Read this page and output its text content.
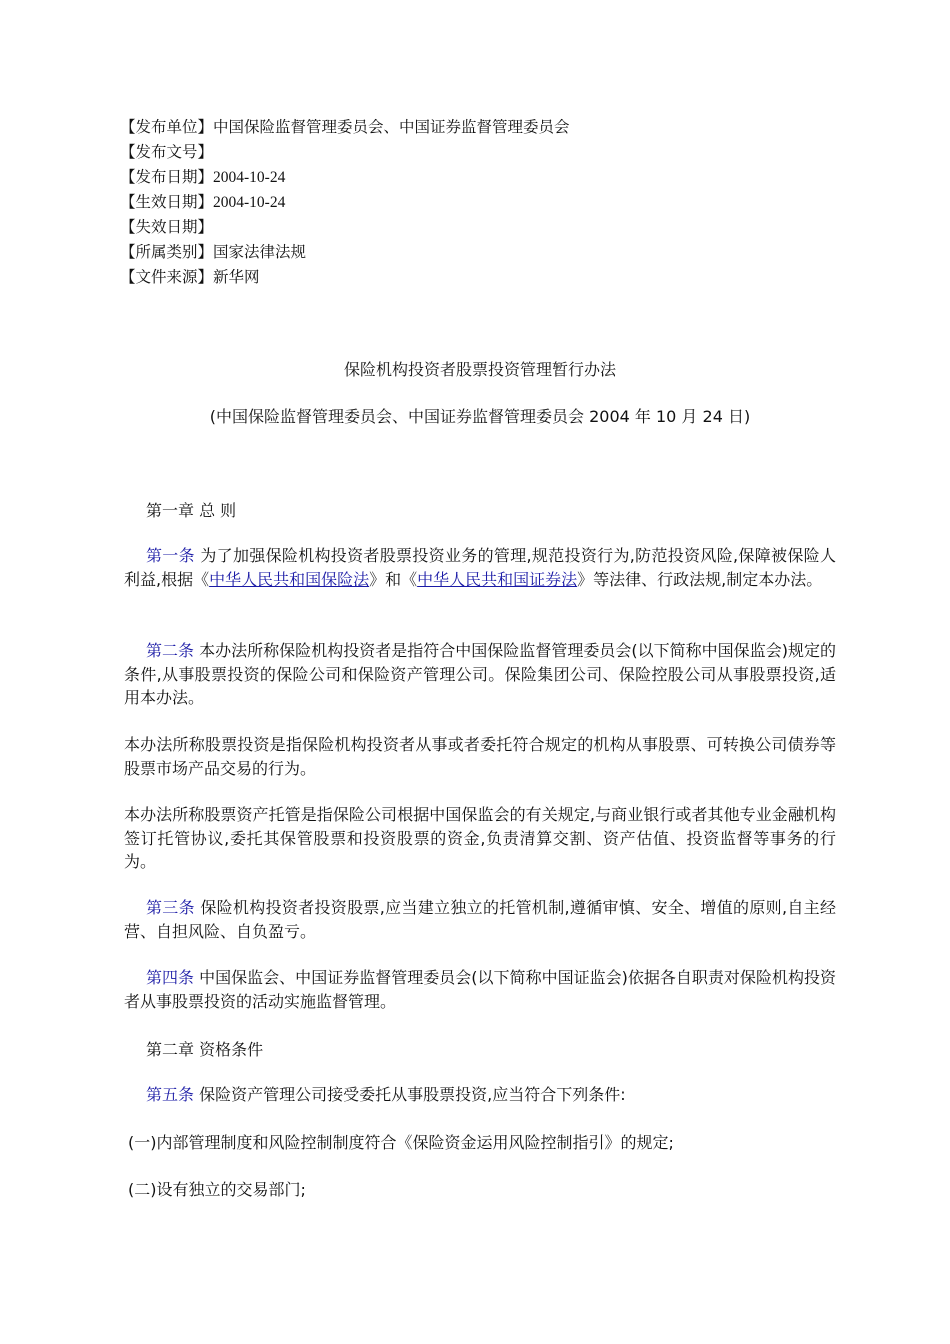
【发布单位】中国保险监督管理委员会、中国证券监督管理委员会
【发布文号】
【发布日期】2004-10-24
【生效日期】2004-10-24
【失效日期】
【所属类别】国家法律法规
【文件来源】新华网
保险机构投资者股票投资管理暂行办法
(中国保险监督管理委员会、中国证券监督管理委员会 2004 年 10 月 24 日)
第一章 总 则
第一条 为了加强保险机构投资者股票投资业务的管理,规范投资行为,防范投资风险,保障被保险人利益,根据《中华人民共和国保险法》和《中华人民共和国证券法》等法律、行政法规,制定本办法。
第二条 本办法所称保险机构投资者是指符合中国保险监督管理委员会(以下简称中国保监会)规定的条件,从事股票投资的保险公司和保险资产管理公司。保险集团公司、保险控股公司从事股票投资,适用本办法。
本办法所称股票投资是指保险机构投资者从事或者委托符合规定的机构从事股票、可转换公司债券等股票市场产品交易的行为。
本办法所称股票资产托管是指保险公司根据中国保监会的有关规定,与商业银行或者其他专业金融机构签订托管协议,委托其保管股票和投资股票的资金,负责清算交割、资产估值、投资监督等事务的行为。
第三条 保险机构投资者投资股票,应当建立独立的托管机制,遵循审慎、安全、增值的原则,自主经营、自担风险、自负盈亏。
第四条 中国保监会、中国证券监督管理委员会(以下简称中国证监会)依据各自职责对保险机构投资者从事股票投资的活动实施监督管理。
第二章 资格条件
第五条 保险资产管理公司接受委托从事股票投资,应当符合下列条件:
(一)内部管理制度和风险控制制度符合《保险资金运用风险控制指引》的规定;
(二)设有独立的交易部门;
